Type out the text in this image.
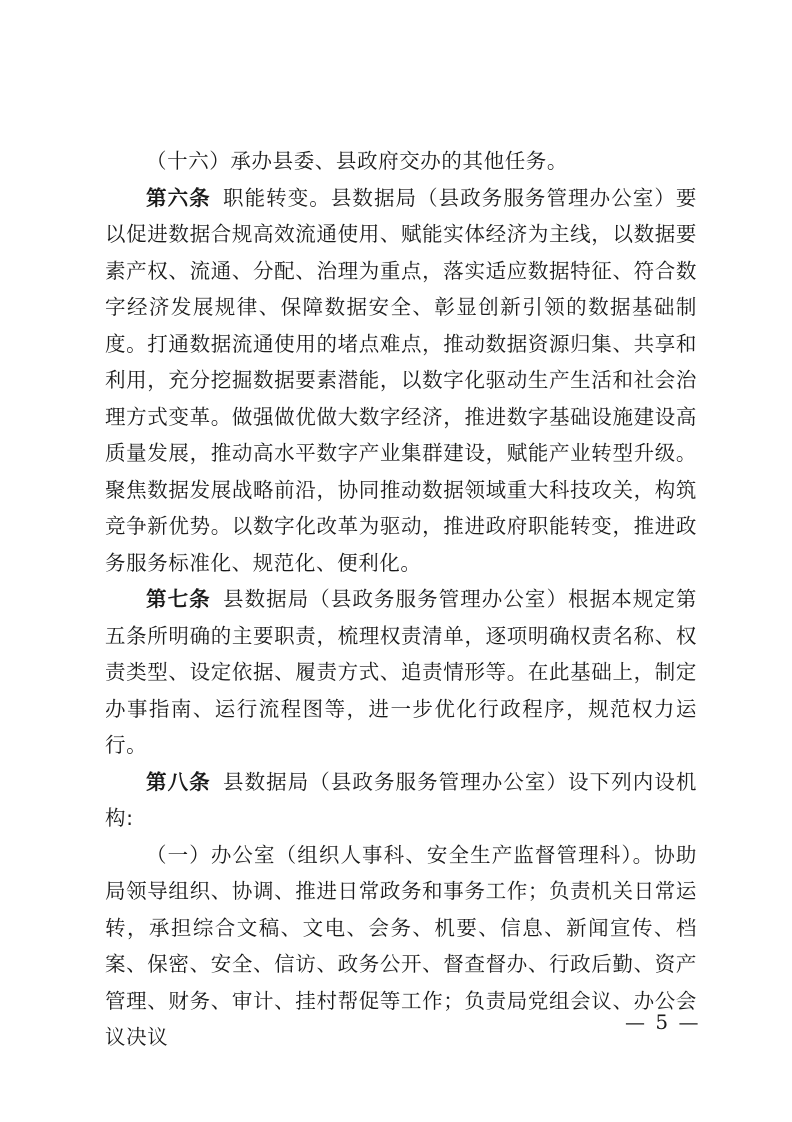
（十六）承办县委、县政府交办的其他任务。

第六条 职能转变。县数据局（县政务服务管理办公室）要以促进数据合规高效流通使用、赋能实体经济为主线，以数据要素产权、流通、分配、治理为重点，落实适应数据特征、符合数字经济发展规律、保障数据安全、彰显创新引领的数据基础制度。打通数据流通使用的堵点难点，推动数据资源归集、共享和利用，充分挖掘数据要素潜能，以数字化驱动生产生活和社会治理方式变革。做强做优做大数字经济，推进数字基础设施建设高质量发展，推动高水平数字产业集群建设，赋能产业转型升级。聚焦数据发展战略前沿，协同推动数据领域重大科技攻关，构筑竞争新优势。以数字化改革为驱动，推进政府职能转变，推进政务服务标准化、规范化、便利化。

第七条 县数据局（县政务服务管理办公室）根据本规定第五条所明确的主要职责，梳理权责清单，逐项明确权责名称、权责类型、设定依据、履责方式、追责情形等。在此基础上，制定办事指南、运行流程图等，进一步优化行政程序，规范权力运行。

第八条 县数据局（县政务服务管理办公室）设下列内设机构:

（一）办公室（组织人事科、安全生产监督管理科）。协助局领导组织、协调、推进日常政务和事务工作；负责机关日常运转，承担综合文稿、文电、会务、机要、信息、新闻宣传、档案、保密、安全、信访、政务公开、督查督办、行政后勤、资产管理、财务、审计、挂村帮促等工作；负责局党组会议、办公会议决议

— 5 —
